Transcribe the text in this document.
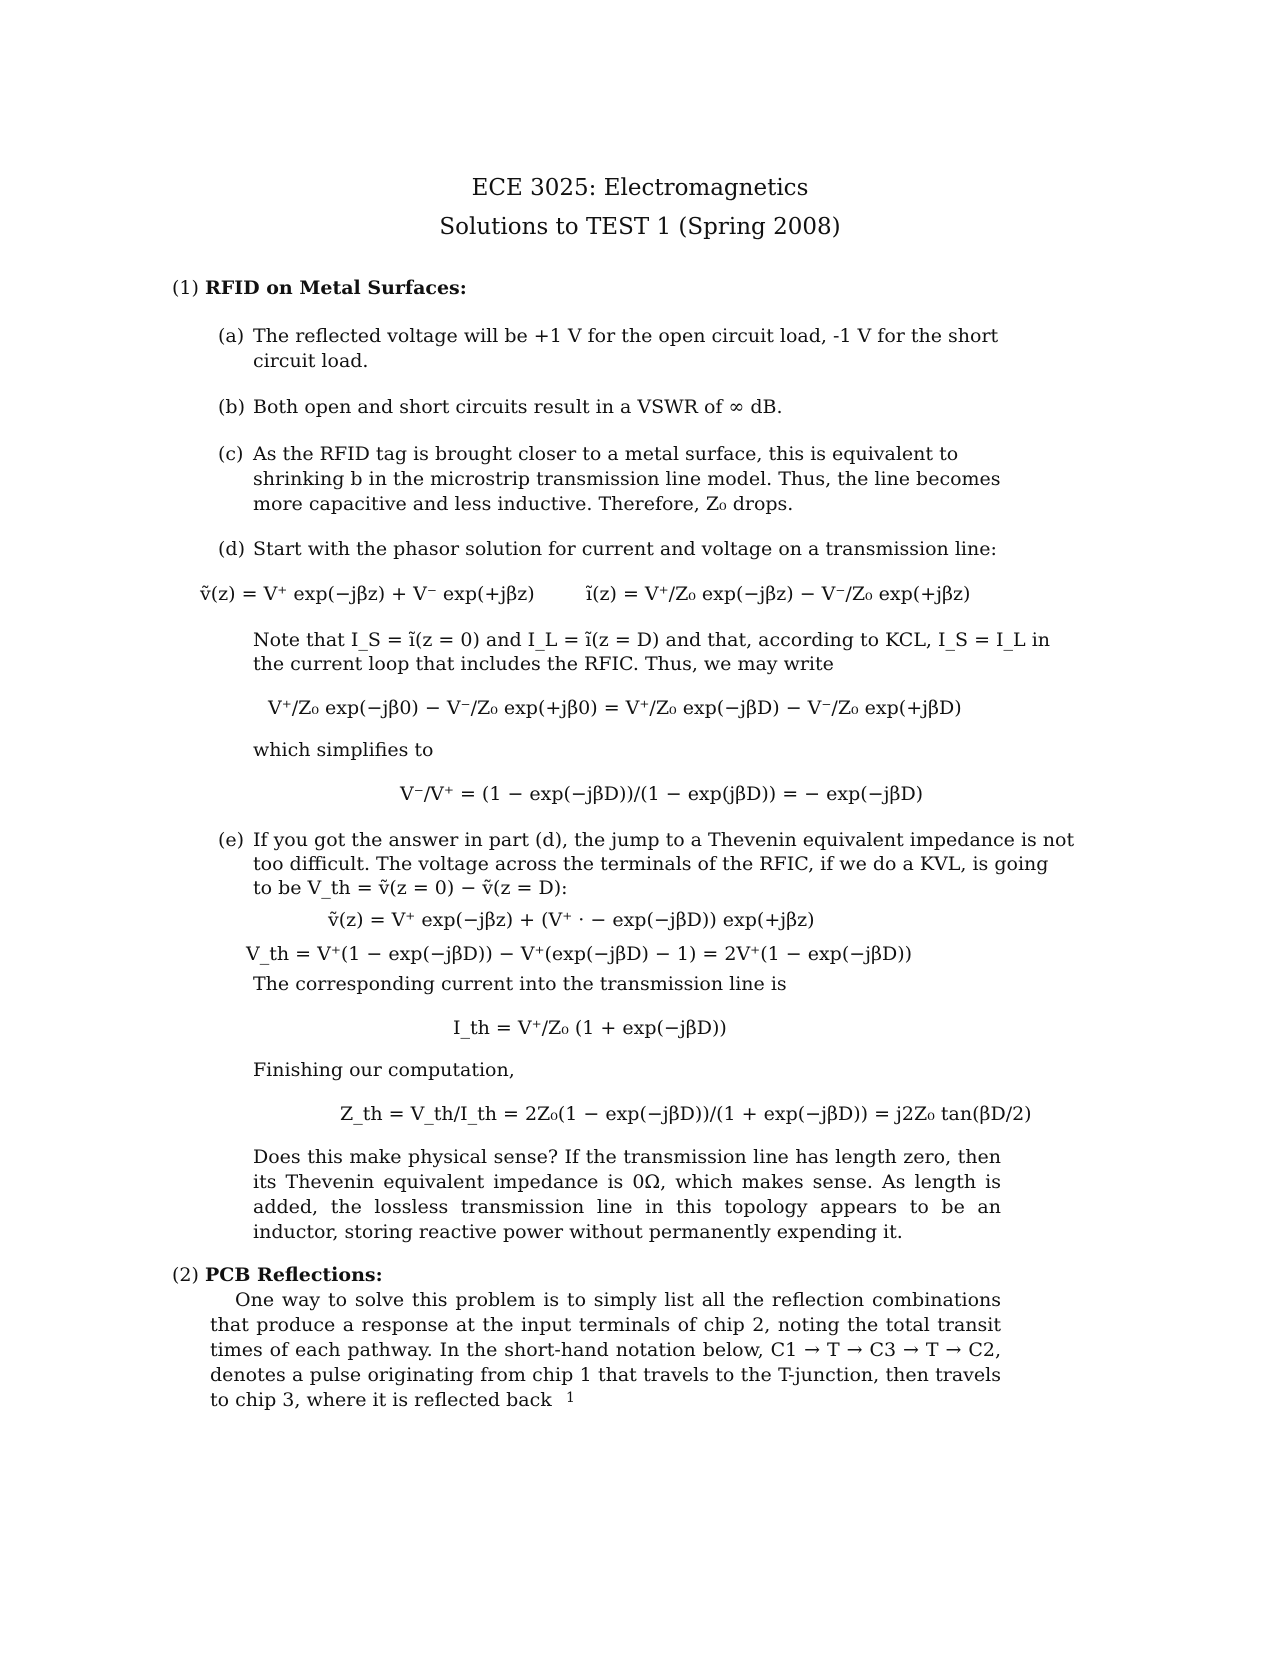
ECE 3025: Electromagnetics
Solutions to TEST 1 (Spring 2008)
(1) RFID on Metal Surfaces:
(a) The reflected voltage will be +1 V for the open circuit load, -1 V for the short circuit load.
(b) Both open and short circuits result in a VSWR of ∞ dB.
(c) As the RFID tag is brought closer to a metal surface, this is equivalent to shrinking b in the microstrip transmission line model. Thus, the line becomes more capacitive and less inductive. Therefore, Z₀ drops.
(d) Start with the phasor solution for current and voltage on a transmission line:
ṽ(z) = V⁺ exp(−jβz) + V⁻ exp(+jβz)	ĩ(z) = V⁺/Z₀ exp(−jβz) − V⁻/Z₀ exp(+jβz)
Note that I_S = ĩ(z = 0) and I_L = ĩ(z = D) and that, according to KCL, I_S = I_L in
the current loop that includes the RFIC. Thus, we may write
V⁺/Z₀ exp(−jβ0) − V⁻/Z₀ exp(+jβ0) = V⁺/Z₀ exp(−jβD) − V⁻/Z₀ exp(+jβD)
which simplifies to
V⁻/V⁺ = (1 − exp(−jβD))/(1 − exp(jβD)) = − exp(−jβD)
(e) If you got the answer in part (d), the jump to a Thevenin equivalent impedance is not
too difficult. The voltage across the terminals of the RFIC, if we do a KVL, is going
to be V_th = ṽ(z = 0) − ṽ(z = D):
ṽ(z) = V⁺ exp(−jβz) + (V⁺ · − exp(−jβD)) exp(+jβz)
V_th = V⁺(1 − exp(−jβD)) − V⁺(exp(−jβD) − 1) = 2V⁺(1 − exp(−jβD))
The corresponding current into the transmission line is
I_th = V⁺/Z₀ (1 + exp(−jβD))
Finishing our computation,
Z_th = V_th/I_th = 2Z₀(1 − exp(−jβD))/(1 + exp(−jβD)) = j2Z₀ tan(βD/2)
Does this make physical sense? If the transmission line has length zero, then its Thevenin equivalent impedance is 0Ω, which makes sense. As length is added, the lossless transmission line in this topology appears to be an inductor, storing reactive power without permanently expending it.
(2) PCB Reflections:
One way to solve this problem is to simply list all the reflection combinations that produce a response at the input terminals of chip 2, noting the total transit times of each pathway. In the short-hand notation below, C1 → T → C3 → T → C2, denotes a pulse originating from chip 1 that travels to the T-junction, then travels to chip 3, where it is reflected back	1
